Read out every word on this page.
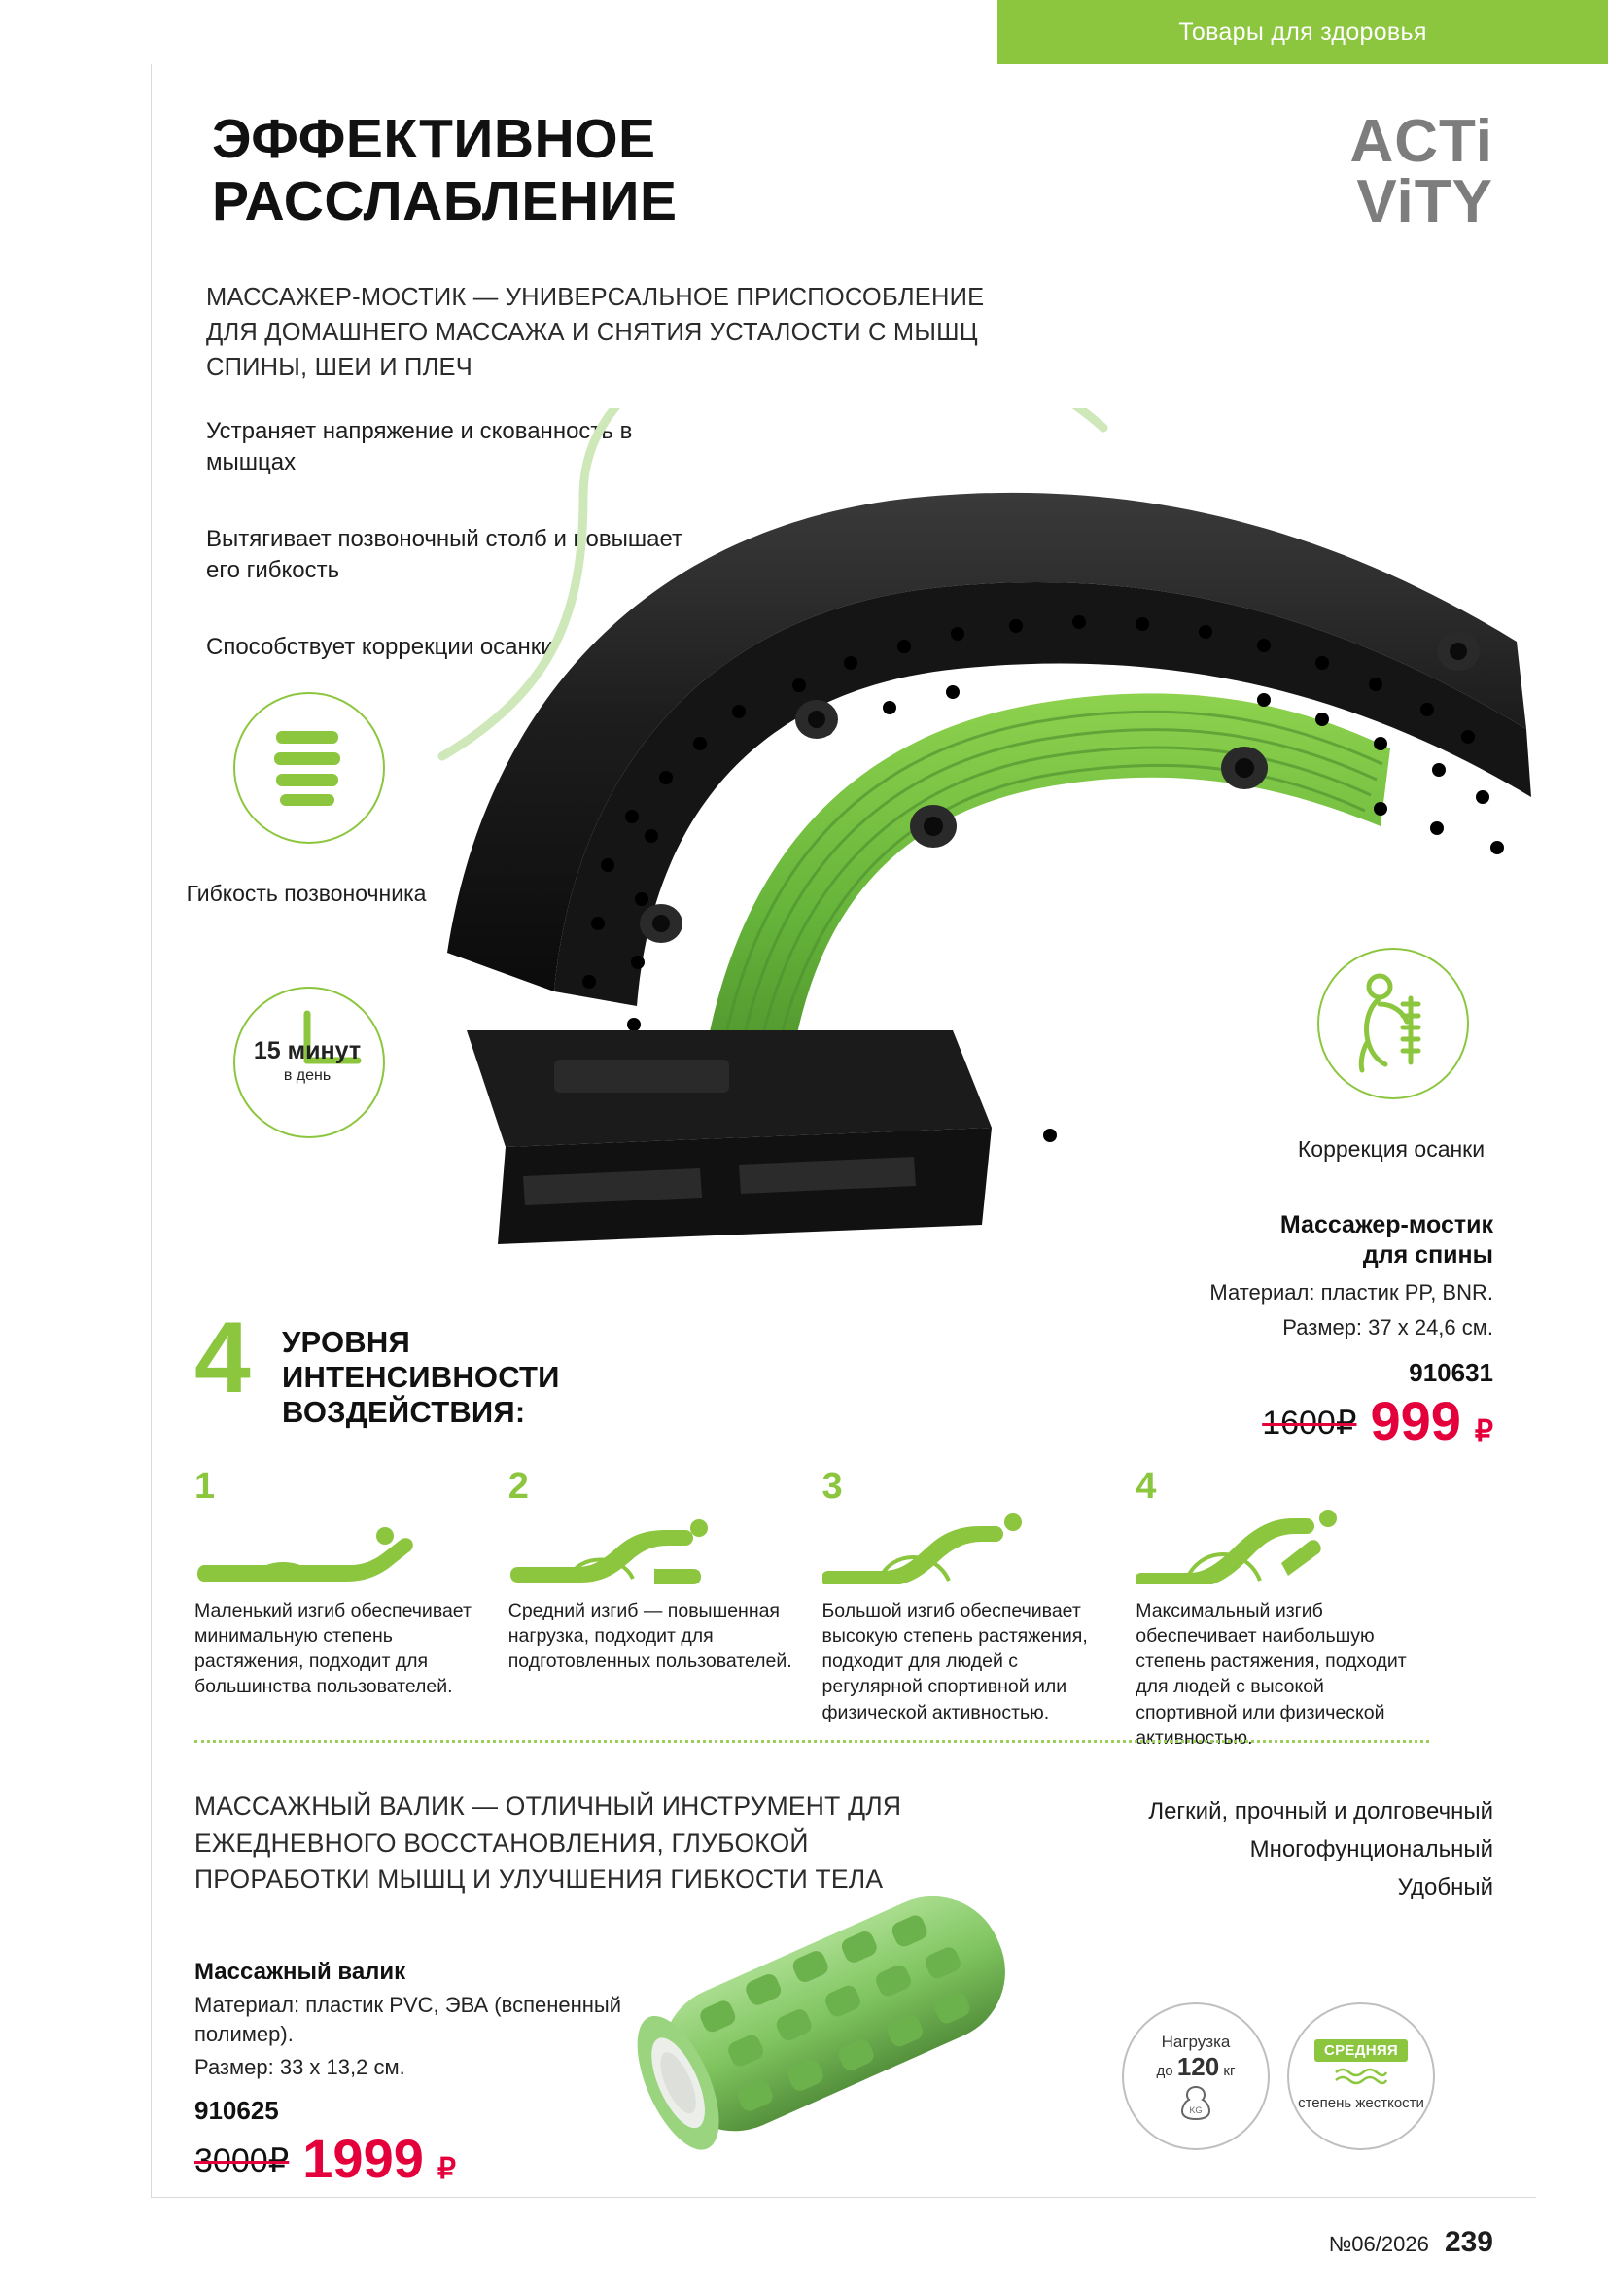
Товары для здоровья
ЭФФЕКТИВНОЕ
РАССЛАБЛЕНИЕ
МАССАЖЕР-МОСТИК — УНИВЕРСАЛЬНОЕ ПРИСПОСОБЛЕНИЕ ДЛЯ ДОМАШНЕГО МАССАЖА И СНЯТИЯ УСТАЛОСТИ С МЫШЦ СПИНЫ, ШЕИ И ПЛЕЧ
ACTi
ViTY

Устраняет напряжение и скованность в мышцах

Вытягивает позвоночный столб и повышает его гибкость

Способствует коррекции осанки

Гибкость позвоночника
15 минут
в день
Коррекция осанки
Массажер-мостик
для спины
Материал: пластик PP, BNR.
Размер: 37 x 24,6 см.
910631
1600₽ 999 ₽
4 УРОВНЯ
ИНТЕНСИВНОСТИ
ВОЗДЕЙСТВИЯ:
1
Маленький изгиб обеспечивает минимальную степень растяжения, подходит для большинства пользователей.
2
Средний изгиб — повышенная нагрузка, подходит для подготовленных пользователей.
3
Большой изгиб обеспечивает высокую степень растяжения, подходит для людей с регулярной спортивной или физической активностью.
4
Максимальный изгиб обеспечивает наибольшую степень растяжения, подходит для людей с высокой спортивной или физической активностью.
МАССАЖНЫЙ ВАЛИК — ОТЛИЧНЫЙ ИНСТРУМЕНТ ДЛЯ ЕЖЕДНЕВНОГО ВОССТАНОВЛЕНИЯ, ГЛУБОКОЙ ПРОРАБОТКИ МЫШЦ И УЛУЧШЕНИЯ ГИБКОСТИ ТЕЛА
Легкий, прочный и долговечный
Многофунциональный
Удобный
Массажный валик
Материал: пластик PVC, ЭВА (вспененный полимер).
Размер: 33 x 13,2 см.
910625
3000₽ 1999 ₽
Нагрузка
до 120 кг
KG
СРЕДНЯЯ
степень жесткости
№06/2026 239
